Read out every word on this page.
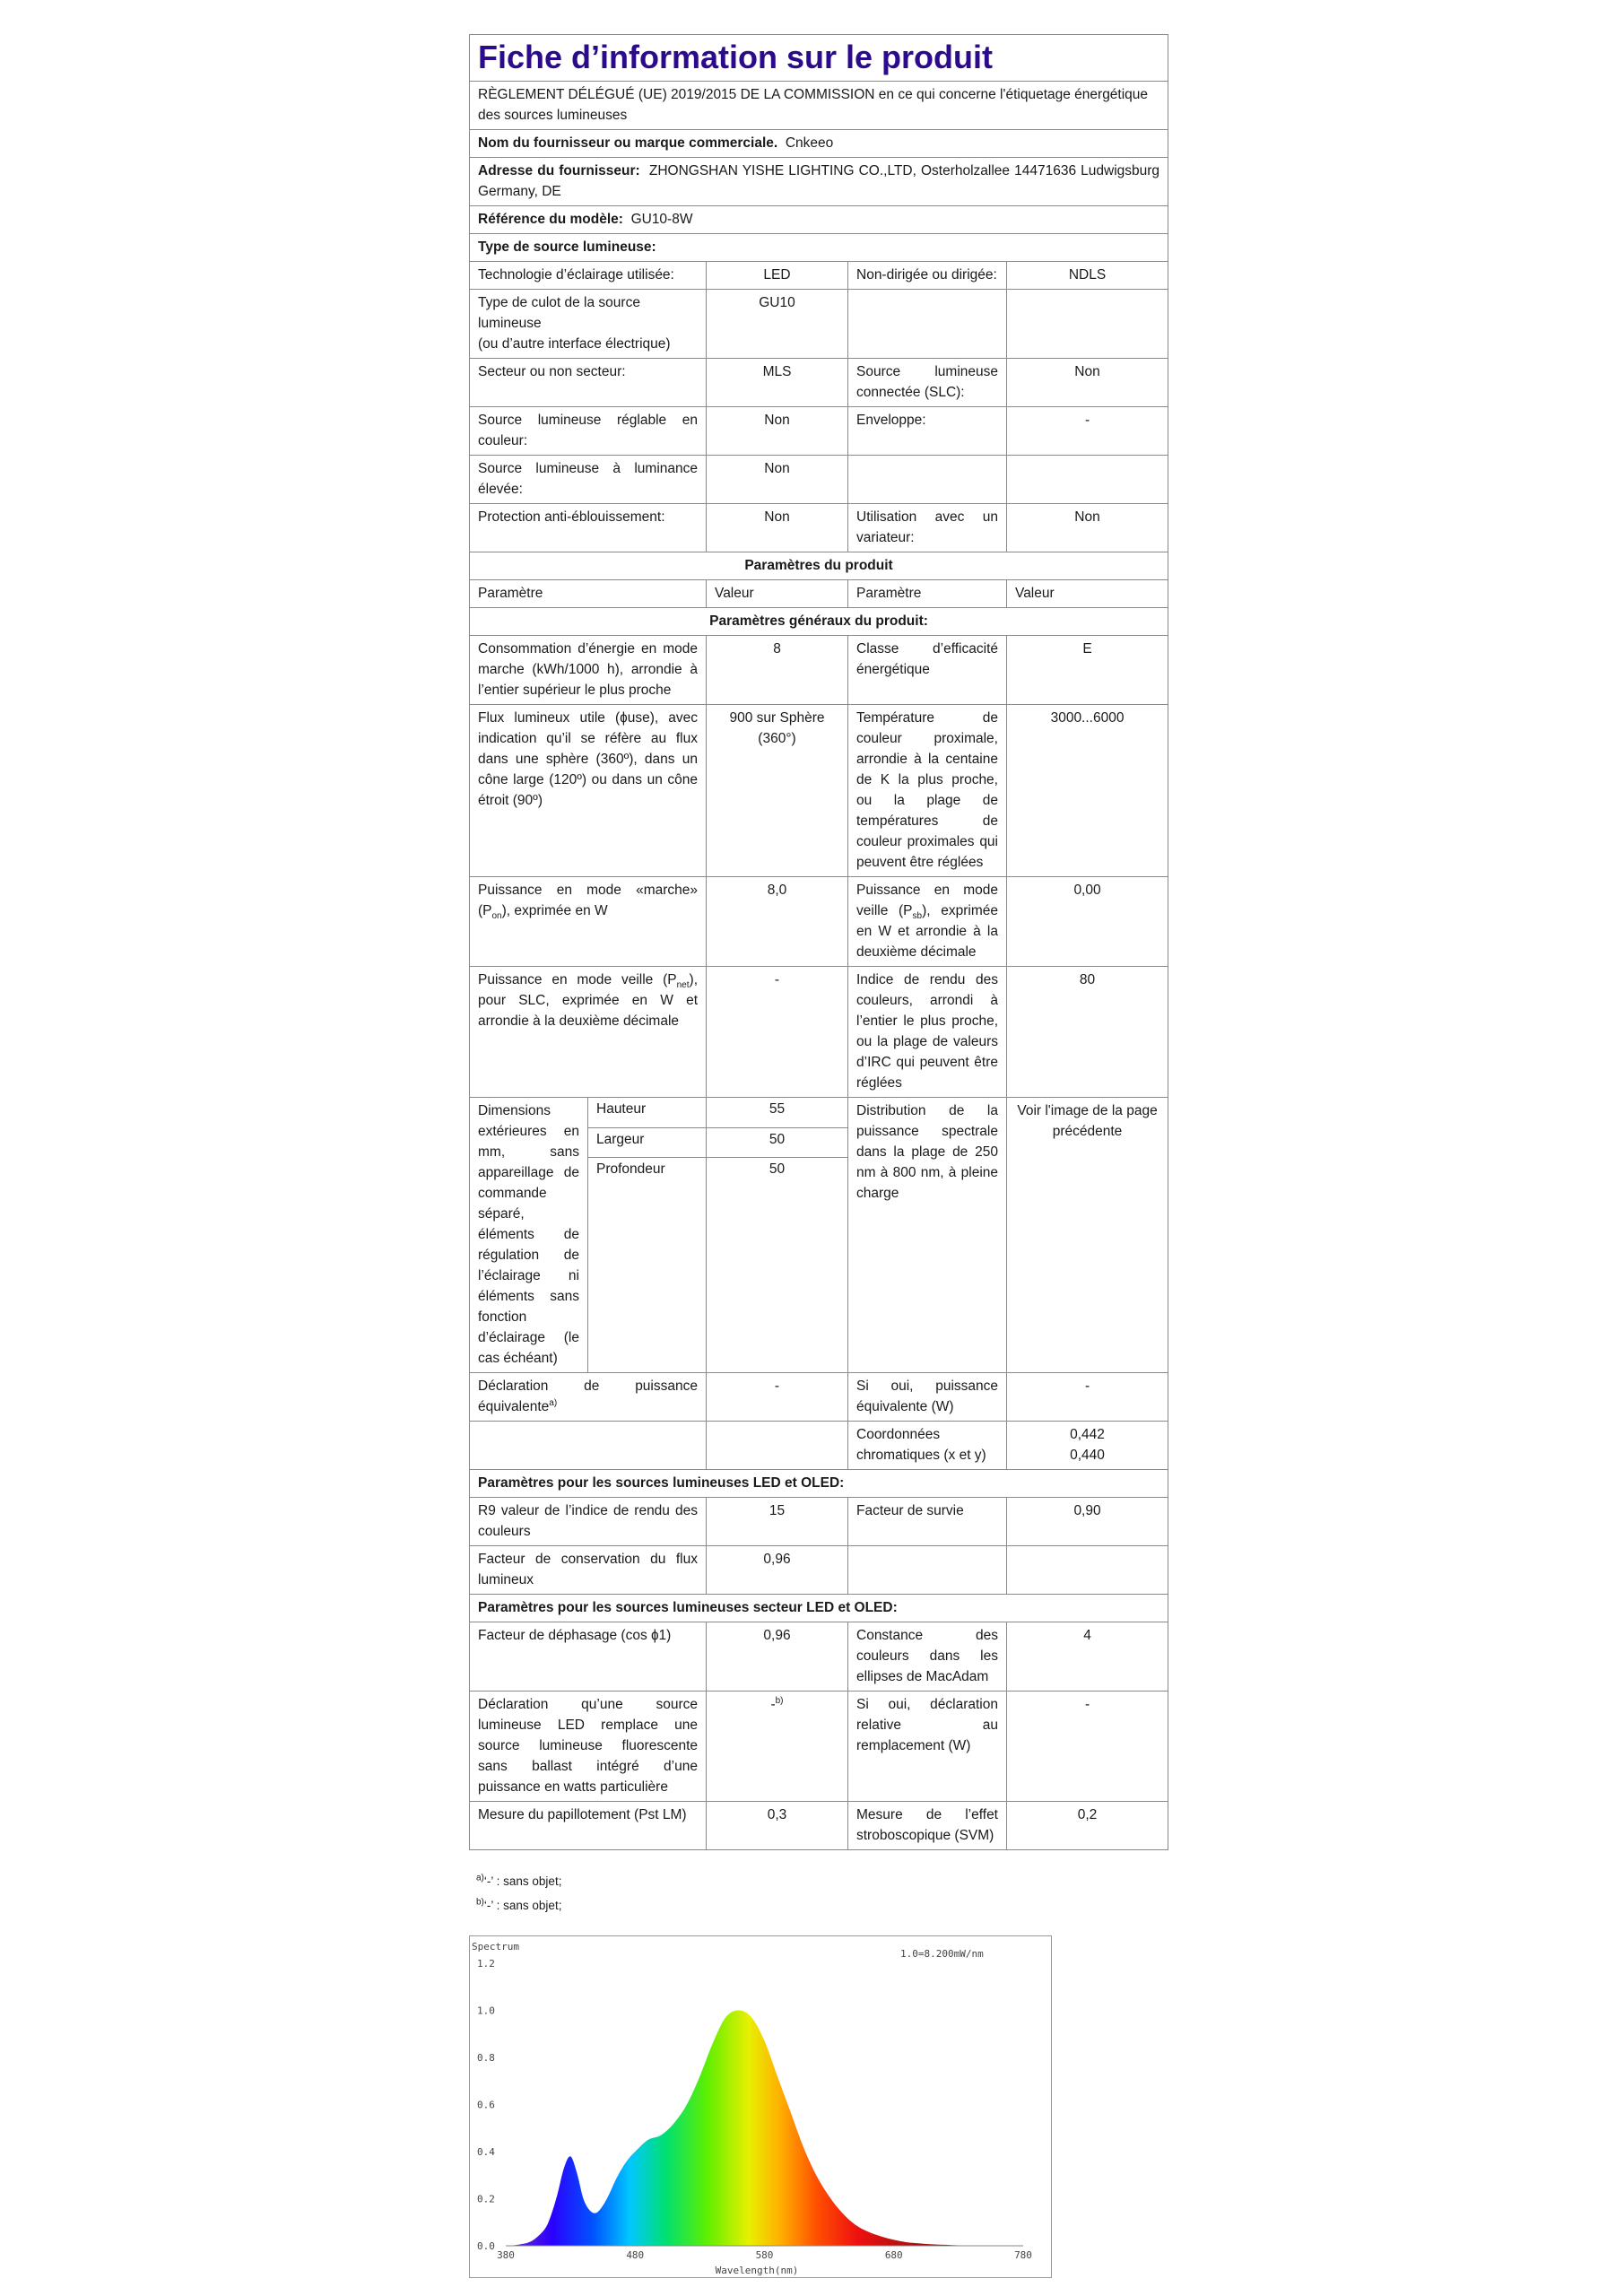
Fiche d’information sur le produit				
RÈGLEMENT DÉLÉGUÉ (UE) 2019/2015 DE LA COMMISSION en ce qui concerne l'étiquetage énergétique des sources lumineuses				
Nom du fournisseur ou marque commerciale. Cnkeeo				
Adresse du fournisseur: ZHONGSHAN YISHE LIGHTING CO.,LTD, Osterholzallee 14471636 Ludwigsburg Germany, DE				
Référence du modèle: GU10-8W				
Type de source lumineuse:				
Technologie d’éclairage utilisée:		LED	Non-dirigée ou dirigée:	NDLS
Type de culot de la source lumineuse
(ou d’autre interface électrique)		GU10		
Secteur ou non secteur:		MLS	Source lumineuse connectée (SLC):	Non
Source lumineuse réglable en couleur:		Non	Enveloppe:	-
Source lumineuse à luminance élevée:		Non		
Protection anti-éblouissement:		Non	Utilisation avec un variateur:	Non
Paramètres du produit				
Paramètre		Valeur	Paramètre	Valeur
Paramètres généraux du produit:				
Consommation d’énergie en mode marche (kWh/1000 h), arrondie à l’entier supérieur le plus proche		8	Classe d’efficacité énergétique	E
Flux lumineux utile (ɸuse), avec indication qu’il se réfère au flux dans une sphère (360º), dans un cône large (120º) ou dans un cône étroit (90º)		900 sur Sphère (360°)	Température de couleur proximale, arrondie à la centaine de K la plus proche, ou la plage de températures de couleur proximales qui peuvent être réglées	3000...6000
Puissance en mode «marche» $(P_{on})$, exprimée en W		8,0	Puissance en mode veille $(P_{sb})$, exprimée en W et arrondie à la deuxième décimale	0,00
Puissance en mode veille $(P_{net})$, pour SLC, exprimée en W et arrondie à la deuxième décimale		-	Indice de rendu des couleurs, arrondi à l’entier le plus proche, ou la plage de valeurs d’IRC qui peuvent être réglées	80
Dimensions extérieures en mm, sans appareillage de commande séparé, éléments de régulation de l’éclairage ni éléments sans fonction d’éclairage (le cas échéant)	Hauteur	55	Distribution de la puissance spectrale dans la plage de 250 nm à 800 nm, à pleine charge	Voir l'image de la page précédente
	Largeur	50		
	Profondeur	50		
Déclaration de puissance équivalente$^{a)}$		-	Si oui, puissance équivalente (W)	-
			Coordonnées chromatiques (x et y)	0,442
0,440
Paramètres pour les sources lumineuses LED et OLED:				
R9 valeur de l’indice de rendu des couleurs		15	Facteur de survie	0,90
Facteur de conservation du flux lumineux		0,96		
Paramètres pour les sources lumineuses secteur LED et OLED:				
Facteur de déphasage (cos ɸ1)		0,96	Constance des couleurs dans les ellipses de MacAdam	4
Déclaration qu’une source lumineuse LED remplace une source lumineuse fluorescente sans ballast intégré d’une puissance en watts particulière		-$^{b)}$	Si oui, déclaration relative au remplacement (W)	-
Mesure du papillotement (Pst LM)		0,3	Mesure de l’effet stroboscopique (SVM)	0,2
$^{a)}$‘-’ : sans objet;
$^{b)}$‘-’ : sans objet;
Spectrum
1.0=8.200mW/nm
0.0
0.2
0.4
0.6
0.8
1.0
1.2
380	480	580	680	780
Wavelength(nm)
